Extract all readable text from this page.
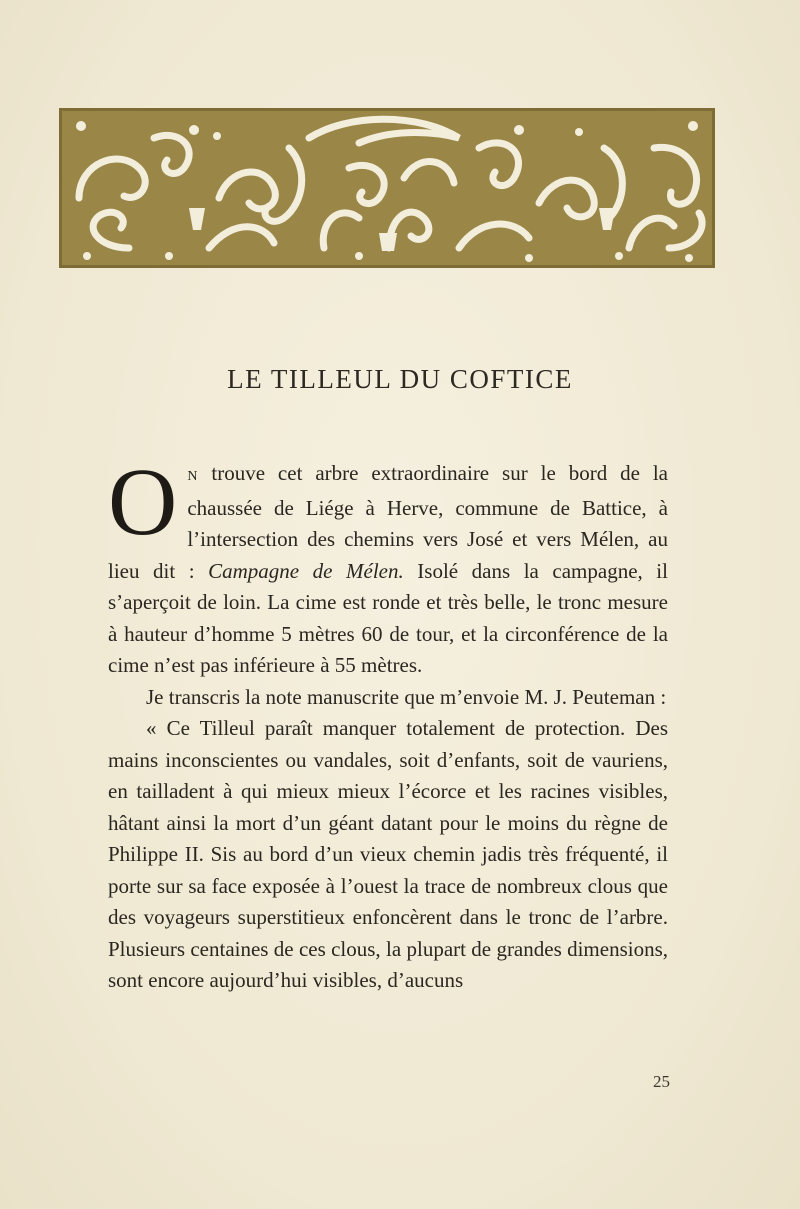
LE TILLEUL DU COFTICE

O N trouve cet arbre extraordinaire sur le bord de la chaussée de Liége à Herve, commune de Battice, à l’intersection des chemins vers José et vers Mélen, au lieu dit : Campagne de Mélen. Isolé dans la campagne, il s’aperçoit de loin. La cime est ronde et très belle, le tronc mesure à hauteur d’homme 5 mètres 60 de tour, et la circonférence de la cime n’est pas inférieure à 55 mètres.

Je transcris la note manuscrite que m’envoie M. J. Peuteman :

« Ce Tilleul paraît manquer totalement de protection. Des mains inconscientes ou vandales, soit d’enfants, soit de vauriens, en tailladent à qui mieux mieux l’écorce et les racines visibles, hâtant ainsi la mort d’un géant datant pour le moins du règne de Philippe II. Sis au bord d’un vieux chemin jadis très fréquenté, il porte sur sa face exposée à l’ouest la trace de nombreux clous que des voyageurs superstitieux enfoncèrent dans le tronc de l’arbre. Plusieurs centaines de ces clous, la plupart de grandes dimensions, sont encore aujourd’hui visibles, d’aucuns

25
